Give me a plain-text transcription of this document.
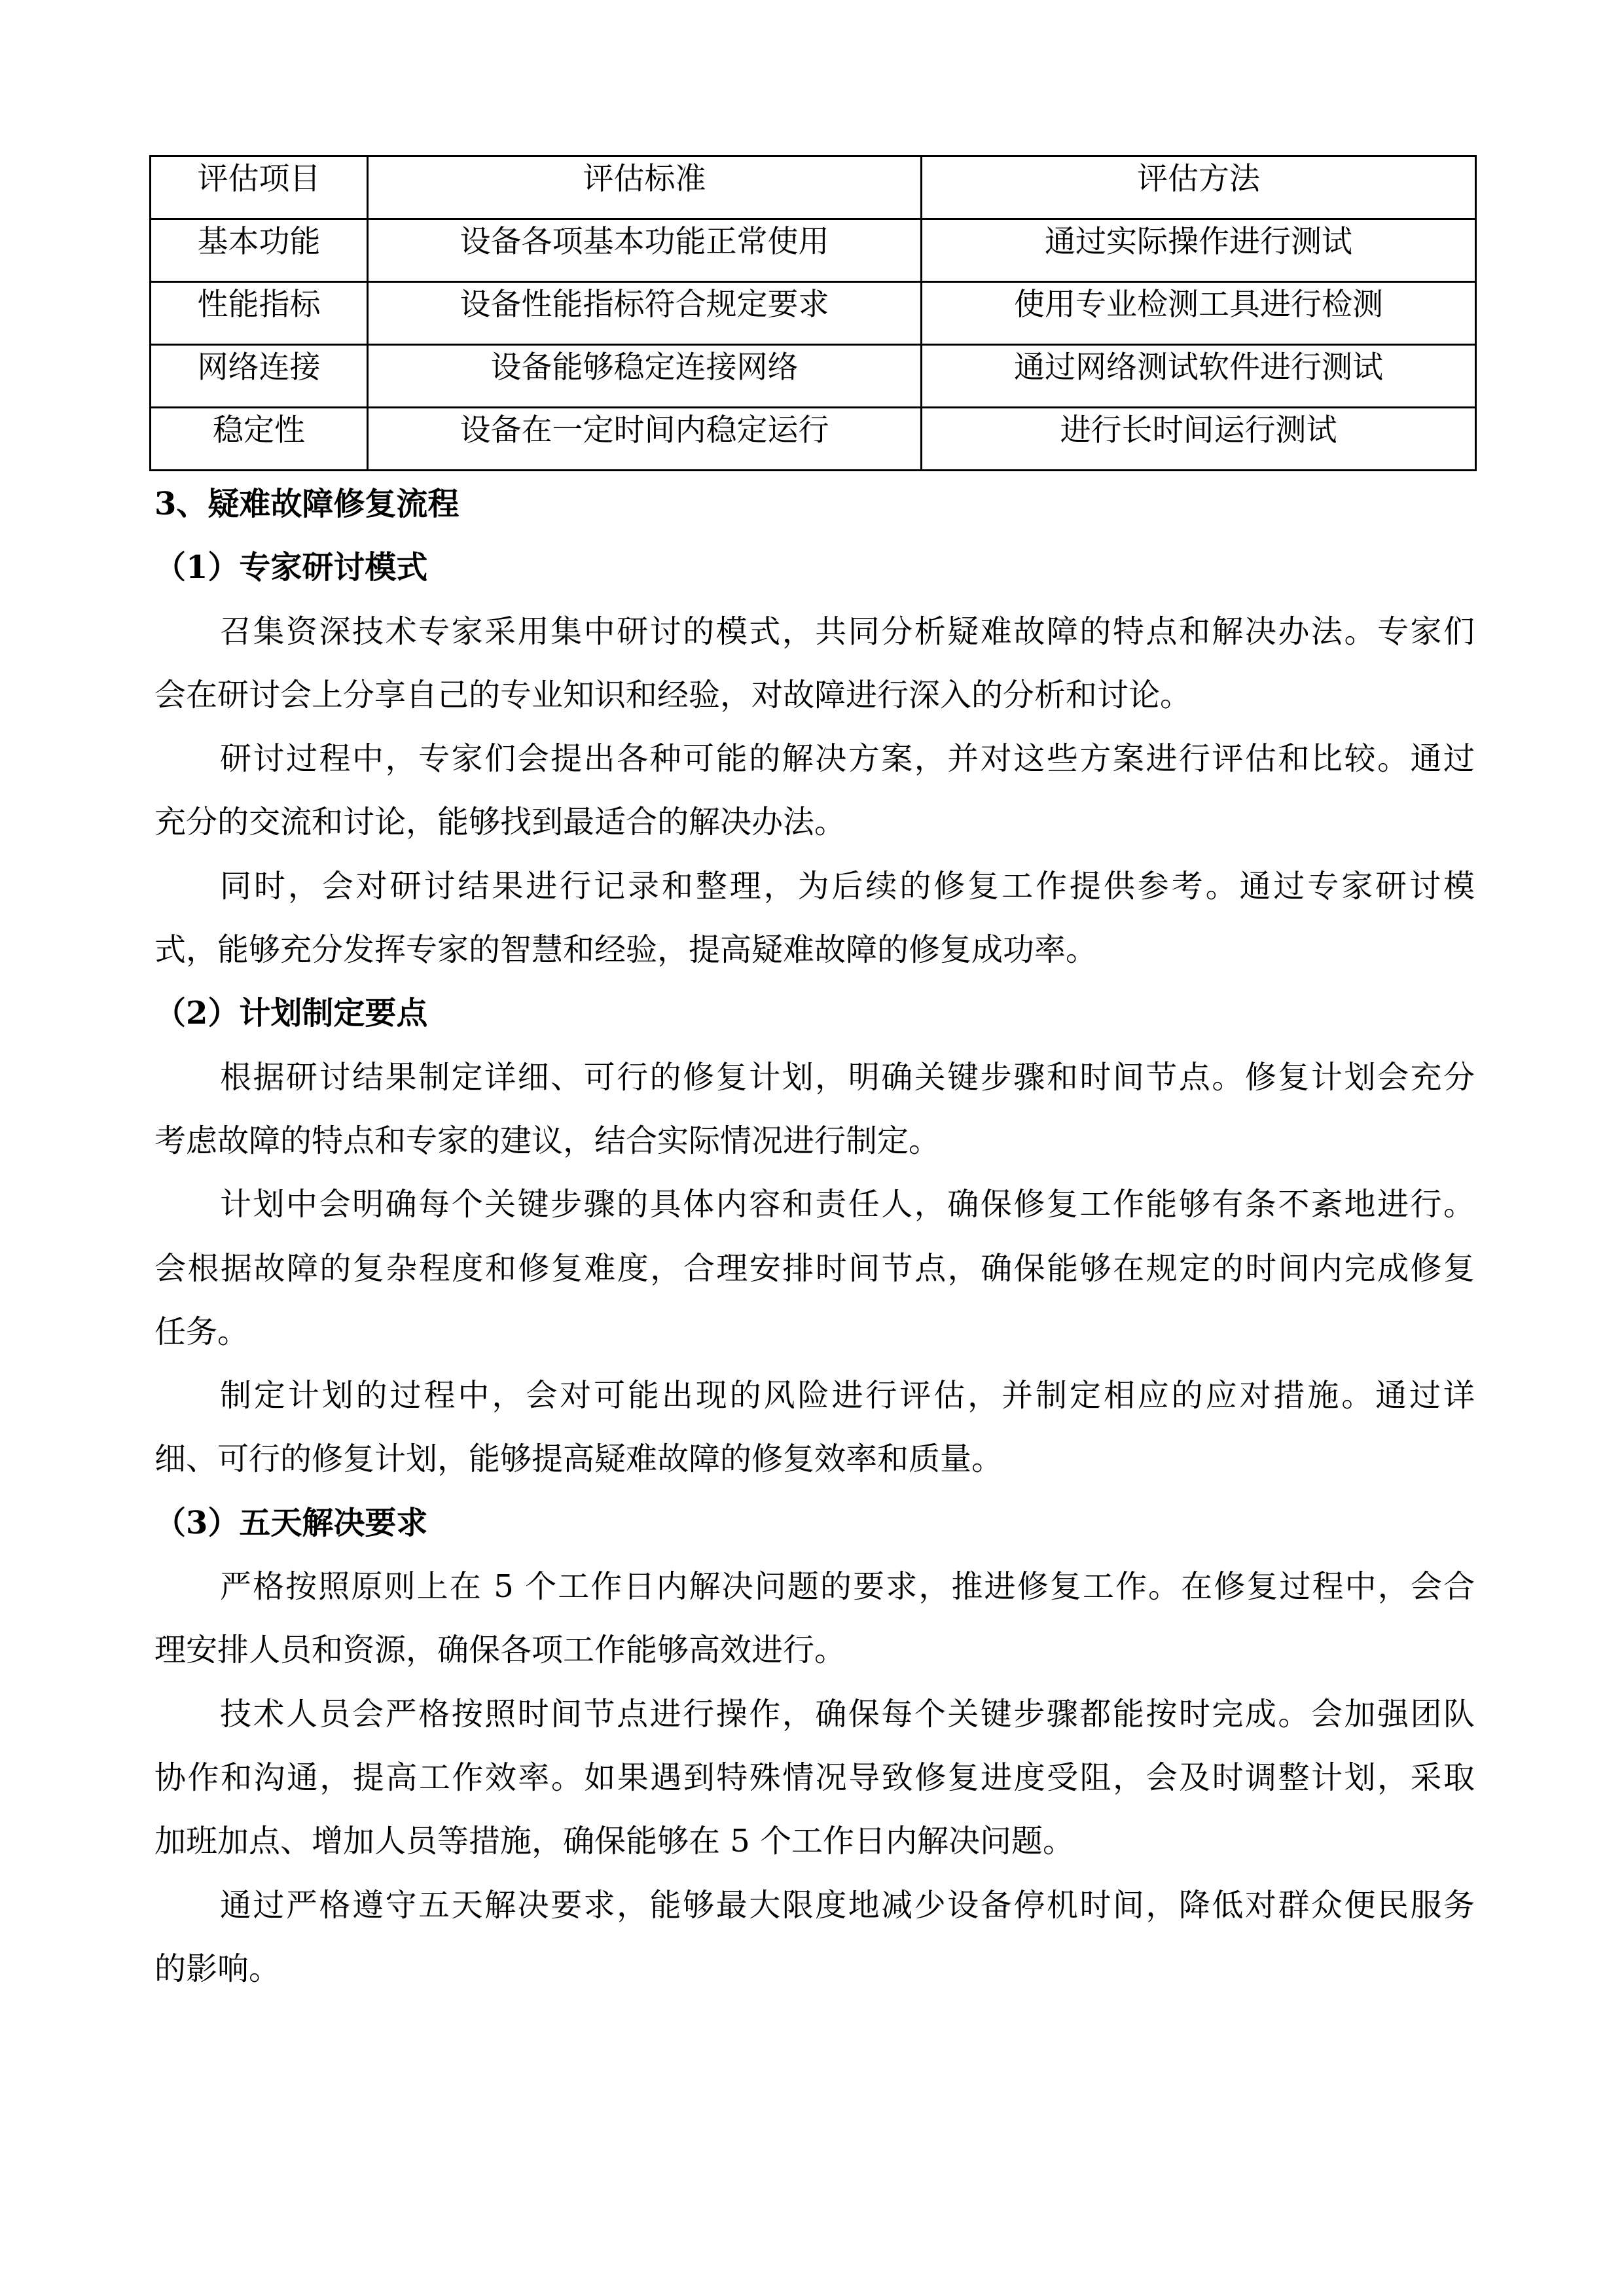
评估项目	评估标准	评估方法
基本功能	设备各项基本功能正常使用	通过实际操作进行测试
性能指标	设备性能指标符合规定要求	使用专业检测工具进行检测
网络连接	设备能够稳定连接网络	通过网络测试软件进行测试
稳定性	设备在一定时间内稳定运行	进行长时间运行测试
3、疑难故障修复流程
（1）专家研讨模式
召集资深技术专家采用集中研讨的模式，共同分析疑难故障的特点和解决办法。专家们
会在研讨会上分享自己的专业知识和经验，对故障进行深入的分析和讨论。
研讨过程中，专家们会提出各种可能的解决方案，并对这些方案进行评估和比较。通过
充分的交流和讨论，能够找到最适合的解决办法。
同时，会对研讨结果进行记录和整理，为后续的修复工作提供参考。通过专家研讨模
式，能够充分发挥专家的智慧和经验，提高疑难故障的修复成功率。
（2）计划制定要点
根据研讨结果制定详细、可行的修复计划，明确关键步骤和时间节点。修复计划会充分
考虑故障的特点和专家的建议，结合实际情况进行制定。
计划中会明确每个关键步骤的具体内容和责任人，确保修复工作能够有条不紊地进行。
会根据故障的复杂程度和修复难度，合理安排时间节点，确保能够在规定的时间内完成修复
任务。
制定计划的过程中，会对可能出现的风险进行评估，并制定相应的应对措施。通过详
细、可行的修复计划，能够提高疑难故障的修复效率和质量。
（3）五天解决要求
严格按照原则上在 5 个工作日内解决问题的要求，推进修复工作。在修复过程中，会合
理安排人员和资源，确保各项工作能够高效进行。
技术人员会严格按照时间节点进行操作，确保每个关键步骤都能按时完成。会加强团队
协作和沟通，提高工作效率。如果遇到特殊情况导致修复进度受阻，会及时调整计划，采取
加班加点、增加人员等措施，确保能够在 5 个工作日内解决问题。
通过严格遵守五天解决要求，能够最大限度地减少设备停机时间，降低对群众便民服务
的影响。
